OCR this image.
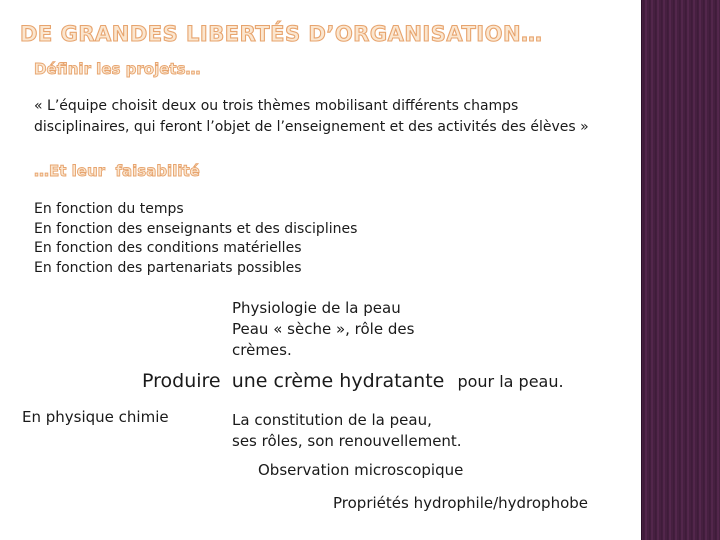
DE GRANDES LIBERTÉS D’ORGANISATION…
Définir les projets…
« L’équipe choisit deux ou trois thèmes mobilisant différents champs
disciplinaires, qui feront l’objet de l’enseignement et des activités des élèves »
…Et leur  faisabilité
En fonction du temps
En fonction des enseignants et des disciplines
En fonction des conditions matérielles
En fonction des partenariats possibles
Physiologie de la peau
Peau « sèche », rôle des
crèmes.
Produire une crème hydratante pour la peau.
En physique chimie	La constitution de la peau,
ses rôles, son renouvellement.
Observation microscopique
Propriétés hydrophile/hydrophobe
